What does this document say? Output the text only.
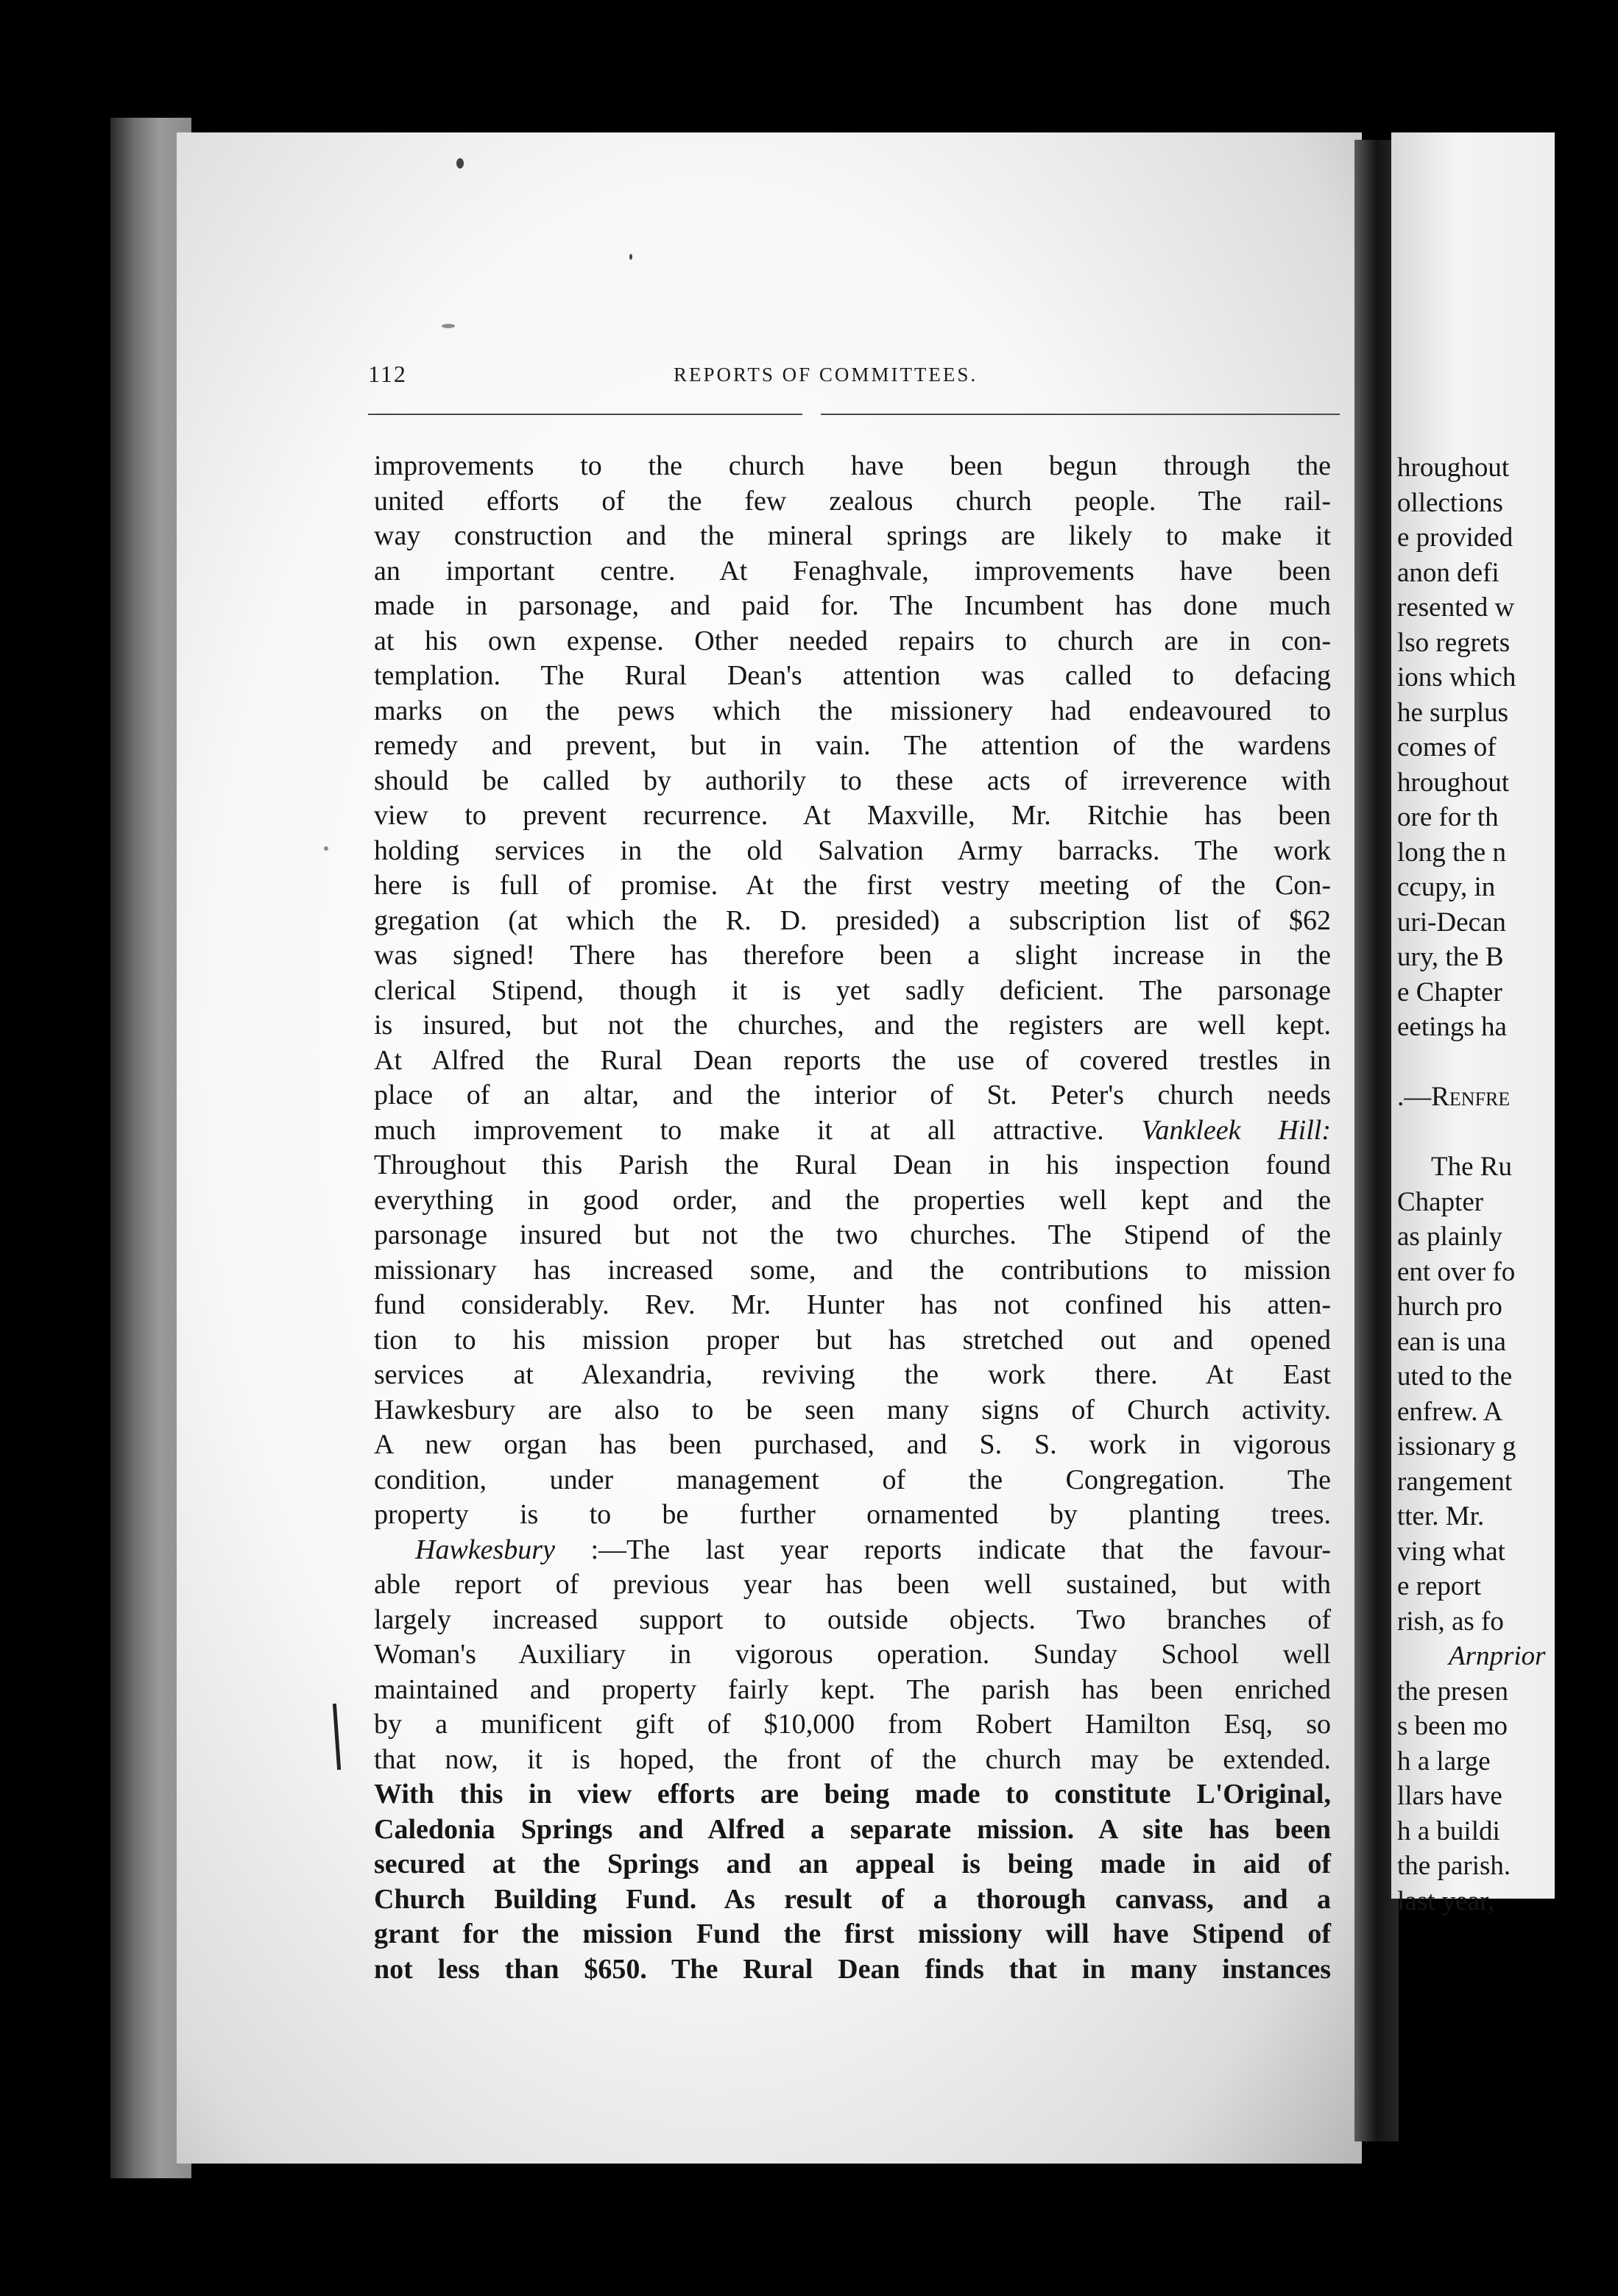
112	REPORTS OF COMMITTEES.
improvements to the church have been begun through the
united efforts of the few zealous church people. The rail-
way construction and the mineral springs are likely to make it
an important centre. At Fenaghvale, improvements have been
made in parsonage, and paid for. The Incumbent has done much
at his own expense. Other needed repairs to church are in con-
templation. The Rural Dean's attention was called to defacing
marks on the pews which the missionery had endeavoured to
remedy and prevent, but in vain. The attention of the wardens
should be called by authorily to these acts of irreverence with
view to prevent recurrence. At Maxville, Mr. Ritchie has been
holding services in the old Salvation Army barracks. The work
here is full of promise. At the first vestry meeting of the Con-
gregation (at which the R. D. presided) a subscription list of $62
was signed! There has therefore been a slight increase in the
clerical Stipend, though it is yet sadly deficient. The parsonage
is insured, but not the churches, and the registers are well kept.
At Alfred the Rural Dean reports the use of covered trestles in
place of an altar, and the interior of St. Peter's church needs
much improvement to make it at all attractive. Vankleek Hill:
Throughout this Parish the Rural Dean in his inspection found
everything in good order, and the properties well kept and the
parsonage insured but not the two churches. The Stipend of the
missionary has increased some, and the contributions to mission
fund considerably. Rev. Mr. Hunter has not confined his atten-
tion to his mission proper but has stretched out and opened
services at Alexandria, reviving the work there. At East
Hawkesbury are also to be seen many signs of Church activity.
A new organ has been purchased, and S. S. work in vigorous
condition, under management of the Congregation. The
property is to be further ornamented by planting trees.
Hawkesbury :—The last year reports indicate that the favour-
able report of previous year has been well sustained, but with
largely increased support to outside objects. Two branches of
Woman's Auxiliary in vigorous operation. Sunday School well
maintained and property fairly kept. The parish has been enriched
by a munificent gift of $10,000 from Robert Hamilton Esq, so
that now, it is hoped, the front of the church may be extended.
With this in view efforts are being made to constitute L'Original,
Caledonia Springs and Alfred a separate mission. A site has been
secured at the Springs and an appeal is being made in aid of
Church Building Fund. As result of a thorough canvass, and a
grant for the mission Fund the first missiony will have Stipend of
not less than $650. The Rural Dean finds that in many instances
hroughout
ollections
e provided
anon defi
resented w
lso regrets
ions which
he surplus
comes of
hroughout
ore for th
long the n
ccupy, in
uri-Decan
ury, the B
e Chapter
eetings ha
.—Renfre
The Ru
Chapter
as plainly
ent over fo
hurch pro
ean is una
uted to the
enfrew. A
issionary g
rangement
tter. Mr.
ving what
e report
rish, as fo
Arnprior
the presen
s been mo
h a large
llars have
h a buildi
the parish.
last year,
